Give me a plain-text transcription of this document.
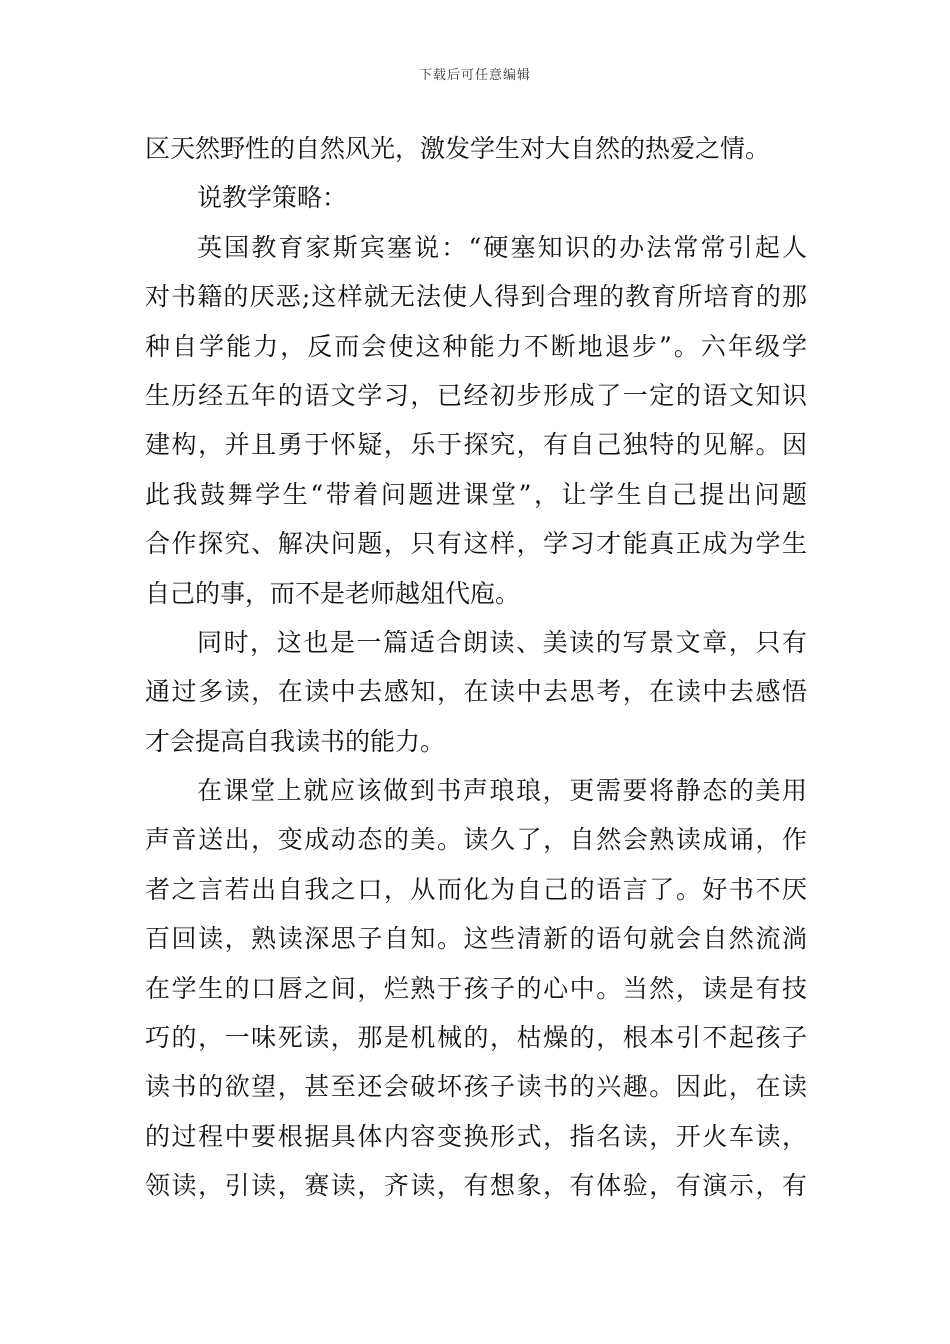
下载后可任意编辑
区天然野性的自然风光，激发学生对大自然的热爱之情。
说教学策略：
英国教育家斯宾塞说：“硬塞知识的办法常常引起人
对书籍的厌恶;这样就无法使人得到合理的教育所培育的那
种自学能力，反而会使这种能力不断地退步”。六年级学
生历经五年的语文学习，已经初步形成了一定的语文知识
建构，并且勇于怀疑，乐于探究，有自己独特的见解。因
此我鼓舞学生“带着问题进课堂”，让学生自己提出问题
合作探究、解决问题，只有这样，学习才能真正成为学生
自己的事，而不是老师越俎代庖。
同时，这也是一篇适合朗读、美读的写景文章，只有
通过多读，在读中去感知，在读中去思考，在读中去感悟
才会提高自我读书的能力。
在课堂上就应该做到书声琅琅，更需要将静态的美用
声音送出，变成动态的美。读久了，自然会熟读成诵，作
者之言若出自我之口，从而化为自己的语言了。好书不厌
百回读，熟读深思子自知。这些清新的语句就会自然流淌
在学生的口唇之间，烂熟于孩子的心中。当然，读是有技
巧的，一味死读，那是机械的，枯燥的，根本引不起孩子
读书的欲望，甚至还会破坏孩子读书的兴趣。因此，在读
的过程中要根据具体内容变换形式，指名读，开火车读，
领读，引读，赛读，齐读，有想象，有体验，有演示，有
